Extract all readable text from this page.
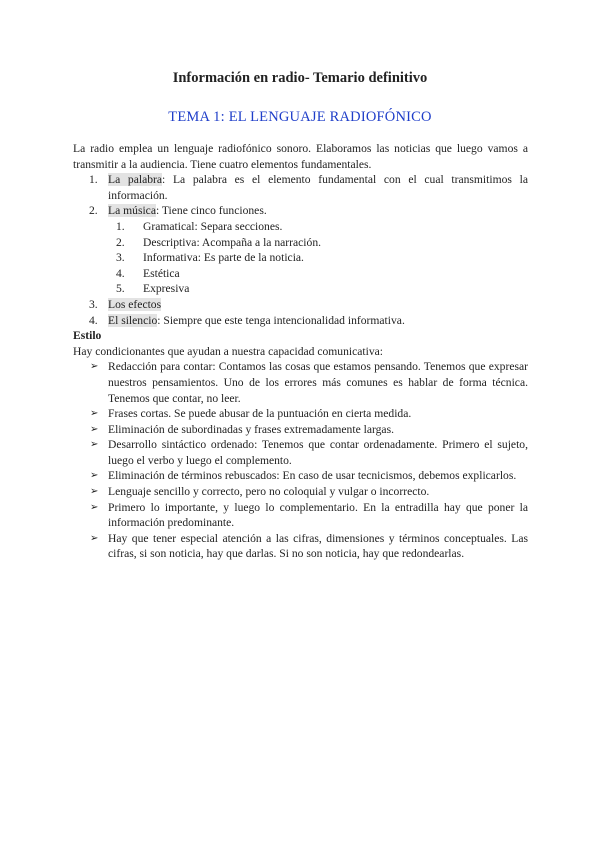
Información en radio- Temario definitivo
TEMA 1: EL LENGUAJE RADIOFÓNICO

La radio emplea un lenguaje radiofónico sonoro. Elaboramos las noticias que luego vamos a transmitir a la audiencia. Tiene cuatro elementos fundamentales.

1. La palabra: La palabra es el elemento fundamental con el cual transmitimos la información.
2. La música: Tiene cinco funciones.
1. Gramatical: Separa secciones.
2. Descriptiva: Acompaña a la narración.
3. Informativa: Es parte de la noticia.
4. Estética
5. Expresiva
3. Los efectos
4. El silencio: Siempre que este tenga intencionalidad informativa.

Estilo

Hay condicionantes que ayudan a nuestra capacidad comunicativa:

➢ Redacción para contar: Contamos las cosas que estamos pensando. Tenemos que expresar nuestros pensamientos. Uno de los errores más comunes es hablar de forma técnica. Tenemos que contar, no leer.
➢ Frases cortas. Se puede abusar de la puntuación en cierta medida.
➢ Eliminación de subordinadas y frases extremadamente largas.
➢ Desarrollo sintáctico ordenado: Tenemos que contar ordenadamente. Primero el sujeto, luego el verbo y luego el complemento.
➢ Eliminación de términos rebuscados: En caso de usar tecnicismos, debemos explicarlos.
➢ Lenguaje sencillo y correcto, pero no coloquial y vulgar o incorrecto.
➢ Primero lo importante, y luego lo complementario. En la entradilla hay que poner la información predominante.
➢ Hay que tener especial atención a las cifras, dimensiones y términos conceptuales. Las cifras, si son noticia, hay que darlas. Si no son noticia, hay que redondearlas.
